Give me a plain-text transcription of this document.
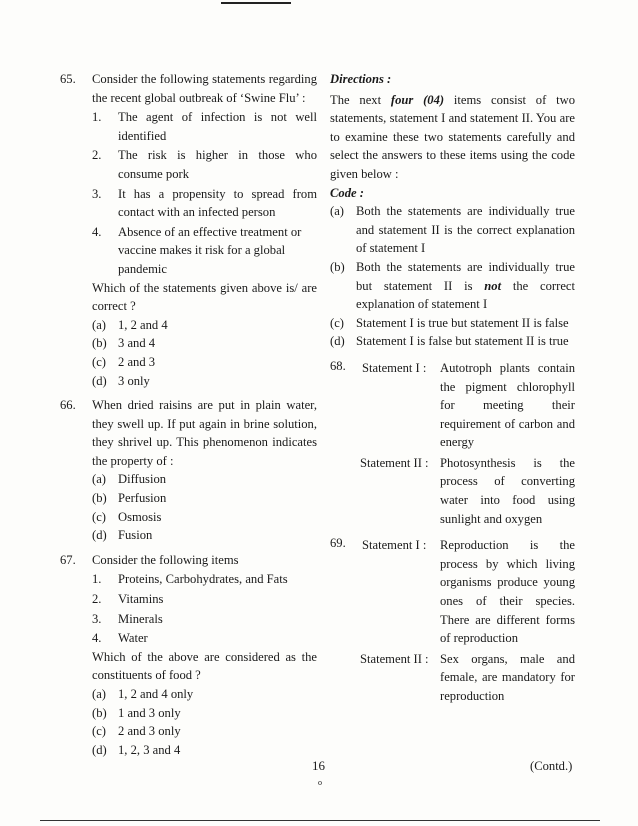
65.	Consider the following statements regarding the recent global outbreak of ‘Swine Flu’ :
1.	The agent of infection is not well identified
2.	The risk is higher in those who consume pork
3.	It has a propensity to spread from contact with an infected person
4.	Absence of an effective treatment or vaccine makes it risk for a global pandemic
Which of the statements given above is/ are correct ?
(a) 1, 2 and 4
(b) 3 and 4
(c) 2 and 3
(d) 3 only
66.	When dried raisins are put in plain water, they swell up. If put again in brine solution, they shrivel up. This phenomenon indicates the property of :
(a) Diffusion
(b) Perfusion
(c) Osmosis
(d) Fusion
67.	Consider the following items
1.	Proteins, Carbohydrates, and Fats
2.	Vitamins
3.	Minerals
4.	Water
Which of the above are considered as the constituents of food ?
(a) 1, 2 and 4 only
(b) 1 and 3 only
(c) 2 and 3 only
(d) 1, 2, 3 and 4
Directions :
The next four (04) items consist of two statements, statement I and statement II. You are to examine these two statements carefully and select the answers to these items using the code given below :
Code :
(a) Both the statements are individually true and statement II is the correct explanation of statement I
(b) Both the statements are individually true but statement II is not the correct explanation of statement I
(c) Statement I is true but statement II is false
(d) Statement I is false but statement II is true
68.	Statement I :	Autotroph plants contain the pigment chlorophyll for meeting their requirement of carbon and energy
Statement II : Photosynthesis is the process of converting water into food using sunlight and oxygen
69.	Statement I :	Reproduction is the process by which living organisms produce young ones of their species. There are different forms of reproduction
Statement II : Sex organs, male and female, are mandatory for reproduction
16
o
(Contd.)
